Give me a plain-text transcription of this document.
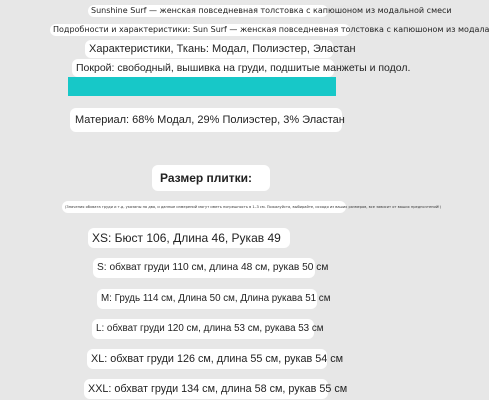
Sunshine Surf — женская повседневная толстовка с капюшоном из модальной смеси
Подробности и характеристики: Sun Surf — женская повседневная толстовка с капюшоном из модала
Характеристики, Ткань: Модал, Полиэстер, Эластан
Покрой: свободный, вышивка на груди, подшитые манжеты и подол.
Материал: 68% Модал, 29% Полиэстер, 3% Эластан
Размер плитки:
(Значения обхвата груди и т.д. указаны на два, и данные измерений могут иметь погрешность в 1–3 см. Пожалуйста, выбирайте, исходя из ваших размеров, все зависит от ваших предпочтений!)
XS: Бюст 106, Длина 46, Рукав 49
S: обхват груди 110 см, длина 48 см, рукав 50 см
М: Грудь 114 см, Длина 50 см, Длина рукава 51 см
L: обхват груди 120 см, длина 53 см, рукава 53 см
XL: обхват груди 126 см, длина 55 см, рукав 54 см
XXL: обхват груди 134 см, длина 58 см, рукав 55 см
